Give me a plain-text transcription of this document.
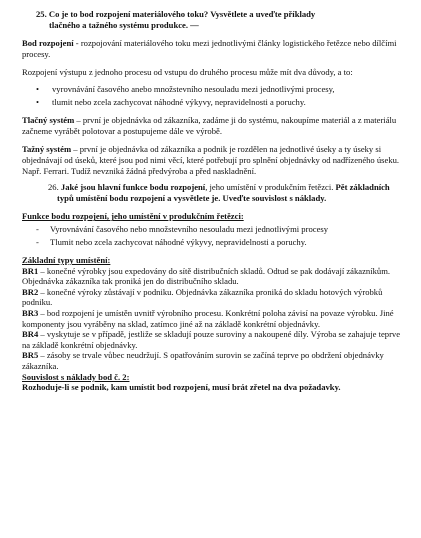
25. Co je to bod rozpojení materiálového toku? Vysvětlete a uveďte příklady

tlačného a tažného systému produkce. —

Bod rozpojení - rozpojování materiálového toku mezi jednotlivými články logistického řetězce nebo dílčími procesy.

Rozpojení výstupu z jednoho procesu od vstupu do druhého procesu může mít dva důvody, a to:

• vyrovnávání časového anebo množstevního nesouladu mezi jednotlivými procesy,
• tlumit nebo zcela zachycovat náhodné výkyvy, nepravidelnosti a poruchy.

Tlačný systém – první je objednávka od zákazníka, zadáme ji do systému, nakoupíme materiál a z materiálu začneme vyrábět polotovar a postupujeme dále ve výrobě.

Tažný systém – první je objednávka od zákazníka a podnik je rozdělen na jednotlivé úseky a ty úseky si objednávají od úseků, které jsou pod nimi věcí, které potřebují pro splnění objednávky od nadřízeného úseku. Např. Ferrari. Tudíž nevzniká žádná předvýroba a před naskladnění.

26. Jaké jsou hlavní funkce bodu rozpojení, jeho umístění v produkčním řetězci. Pět základních typů umístění bodu rozpojení a vysvětlete je. Uveďte souvislost s náklady.

Funkce bodu rozpojení, jeho umístění v produkčním řetězci:

- Vyrovnávání časového nebo množstevního nesouladu mezi jednotlivými procesy
- Tlumit nebo zcela zachycovat náhodné výkyvy, nepravidelnosti a poruchy.

Základní typy umístění:

BR1 – konečné výrobky jsou expedovány do sítě distribučních skladů. Odtud se pak dodávají zákazníkům. Objednávka zákazníka tak proniká jen do distribučního skladu.

BR2 – konečné výroky zůstávají v podniku. Objednávka zákazníka proniká do skladu hotových výrobků podniku.

BR3 – bod rozpojení je umístěn uvnitř výrobního procesu. Konkrétní poloha závisí na povaze výrobku. Jiné komponenty jsou vyráběny na sklad, zatímco jiné až na základě konkrétní objednávky.

BR4 – vyskytuje se v případě, jestliže se skladují pouze suroviny a nakoupené díly. Výroba se zahajuje teprve na základě konkrétní objednávky.

BR5 – zásoby se trvale vůbec neudržují. S opatřováním surovin se začíná teprve po obdržení objednávky zákazníka.

Souvislost s náklady bod č. 2:

Rozhoduje-li se podnik, kam umístit bod rozpojení, musí brát zřetel na dva požadavky.
